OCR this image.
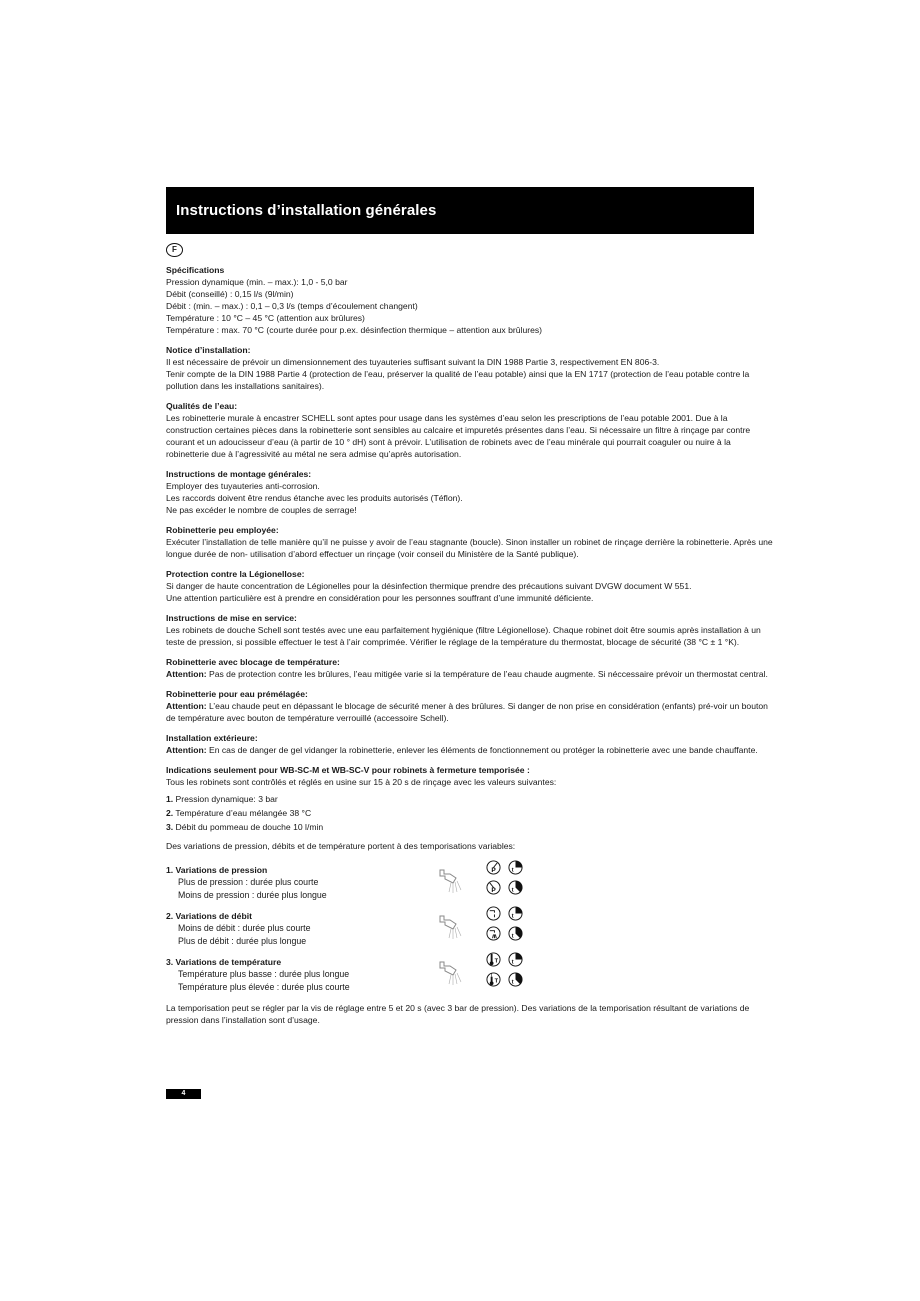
Instructions d’installation générales
F
Spécifications

Pression dynamique (min. – max.): 1,0 - 5,0 bar

Débit (conseillé) : 0,15 l/s (9l/min)

Débit : (min. – max.) : 0,1 – 0,3 l/s (temps d’écoulement changent)

Température : 10 °C – 45 °C (attention aux brûlures)

Température : max. 70 °C (courte durée pour p.ex. désinfection thermique – attention aux brûlures)

Notice d’installation:

Il est nécessaire de prévoir un dimensionnement des tuyauteries suffisant suivant la DIN 1988 Partie 3, respectivement EN 806-3.

Tenir compte de la DIN 1988 Partie 4 (protection de l’eau, préserver la qualité de l’eau potable) ainsi que la EN 1717 (protection de l’eau potable contre la pollution dans les installations sanitaires).

Qualités de l’eau:

Les robinetterie murale à encastrer SCHELL sont aptes pour usage dans les systèmes d’eau selon les prescriptions de l’eau potable 2001. Due à la construction certaines pièces dans la robinetterie sont sensibles au calcaire et impuretés présentes dans l’eau. Si nécessaire un filtre à rinçage par contre courant et un adoucisseur d’eau (à partir de 10 ° dH) sont à prévoir. L’utilisation de robinets avec de l’eau minérale qui pourrait coaguler ou nuire à la robinetterie due à l’agressivité au métal ne sera admise qu’après autorisation.

Instructions de montage générales:

Employer des tuyauteries anti-corrosion.

Les raccords doivent être rendus étanche avec les produits autorisés (Téflon).

Ne pas excéder le nombre de couples de serrage!

Robinetterie peu employée:

Exécuter l’installation de telle manière qu’il ne puisse y avoir de l’eau stagnante (boucle). Sinon installer un robinet de rinçage derrière la robinetterie. Après une longue durée de non- utilisation d’abord effectuer un rinçage (voir conseil du Ministère de la Santé publique).

Protection contre la Légionellose:

Si danger de haute concentration de Légionelles pour la désinfection thermique prendre des précautions suivant DVGW document W 551.

Une attention particulière est à prendre en considération pour les personnes souffrant d’une immunité déficiente.

Instructions de mise en service:

Les robinets de douche Schell sont testés avec une eau parfaitement hygiénique (filtre Légionellose). Chaque robinet doit être soumis après installation à un teste de pression, si possible effectuer le test à l’air comprimée. Vérifier le réglage de la température du thermostat, blocage de sécurité (38 °C ± 1 °K).

Robinetterie avec blocage de température:

Attention: Pas de protection contre les brûlures, l’eau mitigée varie si la température de l’eau chaude augmente. Si néccessaire prévoir un thermostat central.

Robinetterie pour eau prémélagée:

Attention: L’eau chaude peut en dépassant le blocage de sécurité mener à des brûlures. Si danger de non prise en considération (enfants) pré-voir un bouton de température avec bouton de température verrouillé (accessoire Schell).

Installation extérieure:

Attention: En cas de danger de gel vidanger la robinetterie, enlever les éléments de fonctionnement ou protéger la robinetterie avec une bande chauffante.

Indications seulement pour WB-SC-M et WB-SC-V pour robinets à fermeture temporisée :

Tous les robinets sont contrôlés et réglés en usine sur 15 à 20 s de rinçage avec les valeurs suivantes:

1. Pression dynamique: 3 bar
2. Température d’eau mélangée 38 °C
3. Débit du pommeau de douche 10 l/min

Des variations de pression, débits et de température portent à des temporisations variables:

1. Variations de pression
Plus de pression : durée plus courte
Moins de pression : durée plus longue
P	t
P	t
2. Variations de débit
Moins de débit : durée plus courte
Plus de débit : durée plus longue
t
t
3. Variations de température
Température plus basse : durée plus longue
Température plus élevée : durée plus courte
T t
T t

La temporisation peut se régler par la vis de réglage entre 5 et 20 s (avec 3 bar de pression). Des variations de la temporisation résultant de variations de pression dans l’installation sont d’usage.

4
